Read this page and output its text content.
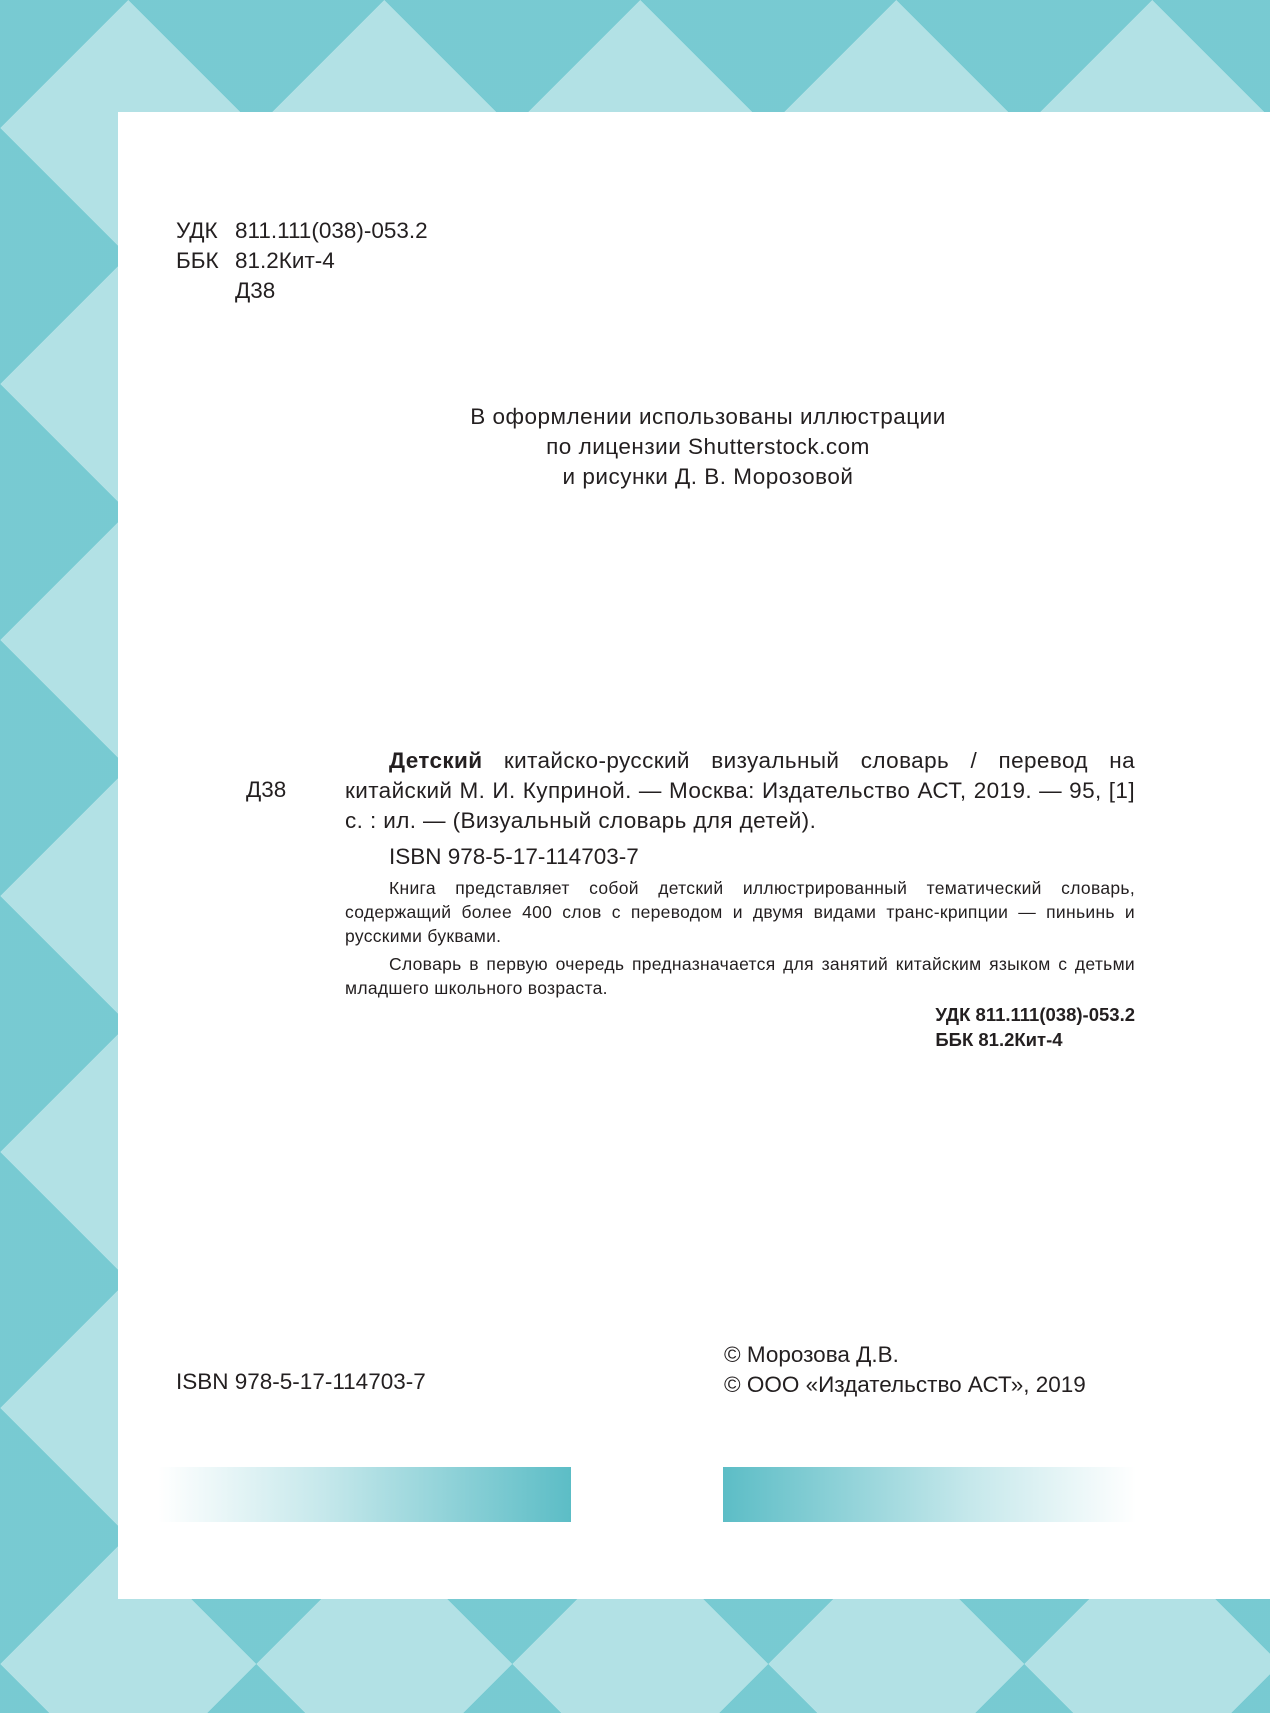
УДК 811.111(038)-053.2
ББК 81.2Кит-4
Д38
В оформлении использованы иллюстрации
по лицензии Shutterstock.com
и рисунки Д. В. Морозовой
Д38
Детский китайско-русский визуальный словарь / перевод на китайский М. И. Куприной. — Москва: Издательство АСТ, 2019. — 95, [1] с. : ил. — (Визуальный словарь для детей).
ISBN 978-5-17-114703-7
Книга представляет собой детский иллюстрированный тематический словарь, содержащий более 400 слов с переводом и двумя видами транс-крипции — пиньинь и русскими буквами.
Словарь в первую очередь предназначается для занятий китайским языком с детьми младшего школьного возраста.
УДК 811.111(038)-053.2
ББК 81.2Кит-4
ISBN 978-5-17-114703-7
© Морозова Д.В.
© ООО «Издательство АСТ», 2019
